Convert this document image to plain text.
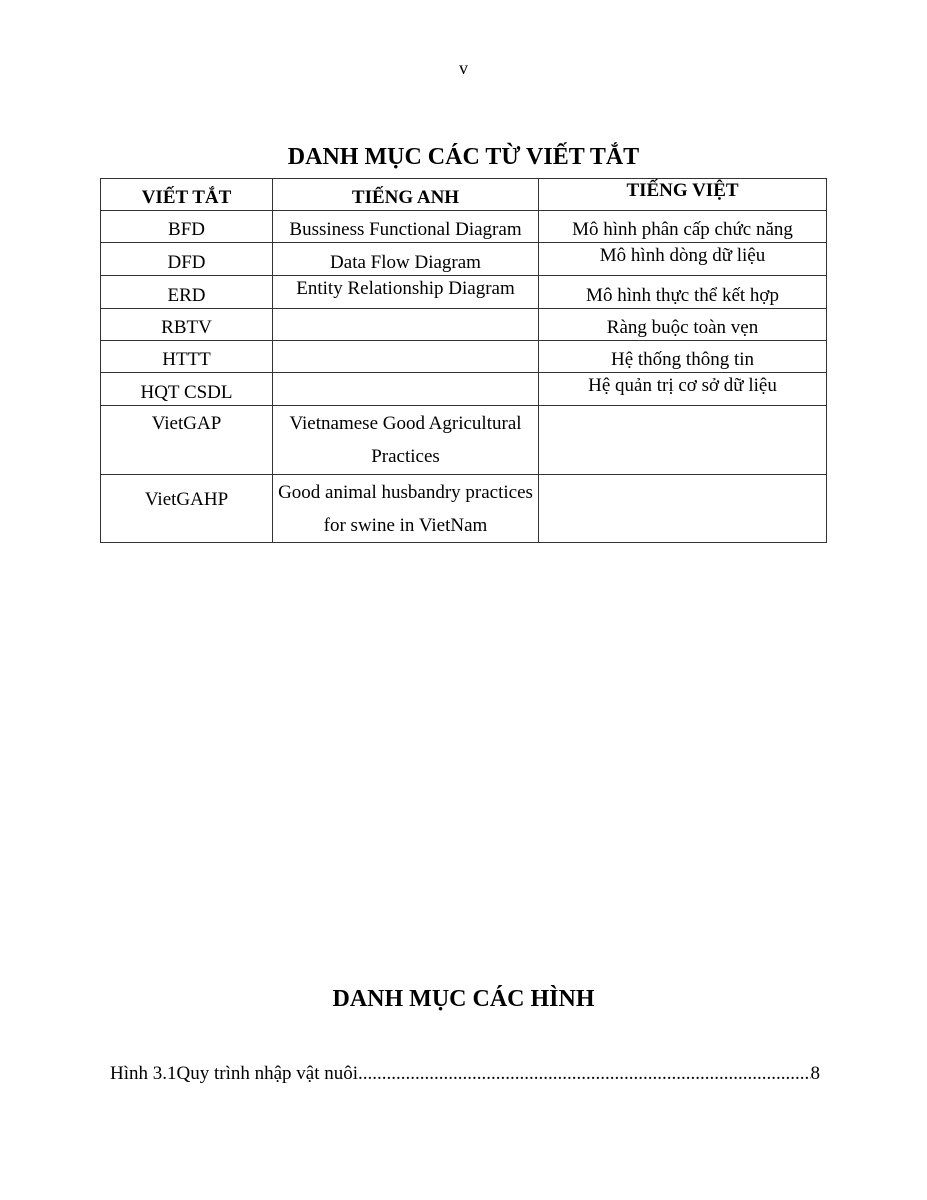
v
DANH MỤC CÁC TỪ VIẾT TẮT
VIẾT TẮT	TIẾNG ANH	TIẾNG VIỆT
BFD	Bussiness Functional Diagram	Mô hình phân cấp chức năng
DFD	Data Flow Diagram	Mô hình dòng dữ liệu
ERD	Entity Relationship Diagram	Mô hình thực thể kết hợp
RBTV		Ràng buộc toàn vẹn
HTTT		Hệ thống thông tin
HQT CSDL		Hệ quản trị cơ sở dữ liệu
VietGAP	Vietnamese Good Agricultural Practices	
VietGAHP	Good animal husbandry practices for swine in VietNam	
DANH MỤC CÁC HÌNH
Hình 3.1 Quy trình nhập vật nuôi .....	8
